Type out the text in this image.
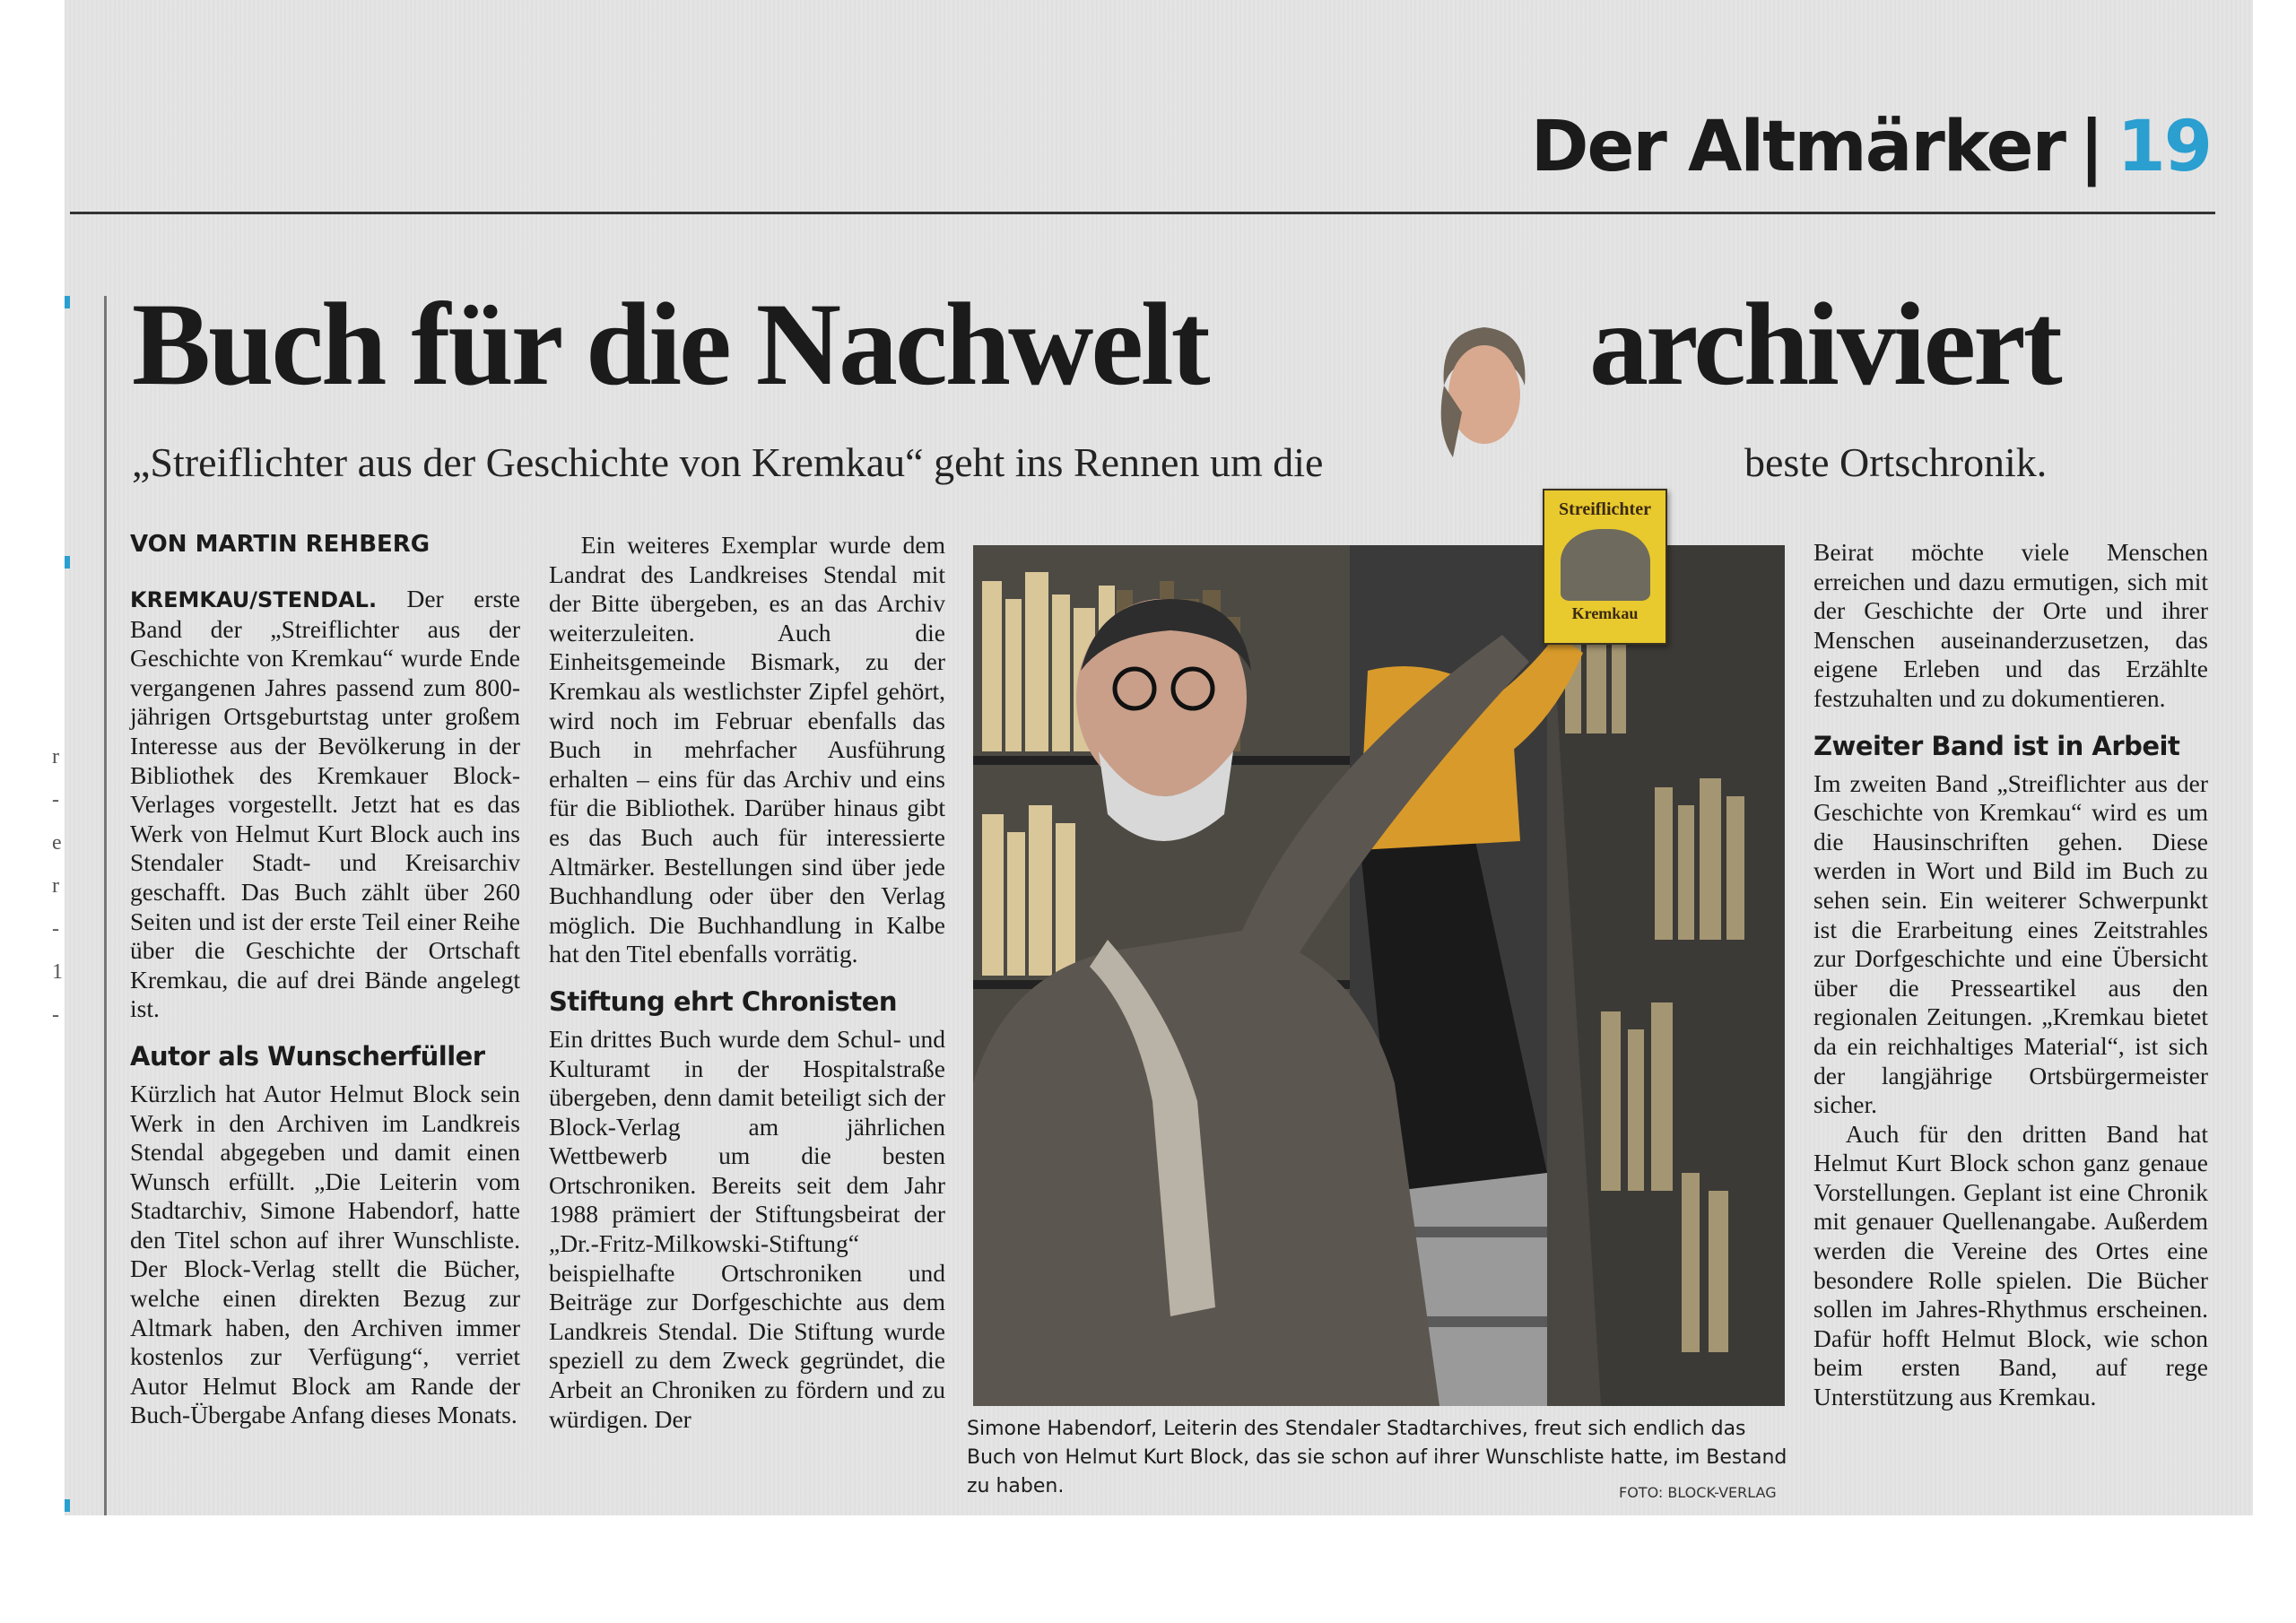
Der Altmärker | 19
r
-
e
r
-
1
-
Buch für die Nachwelt	archiviert
„Streiflichter aus der Geschichte von Kremkau“ geht ins Rennen um die	beste Ortschronik.
VON MARTIN REHBERG

KREMKAU/STENDAL. Der erste Band der „Streiflichter aus der Geschichte von Kremkau“ wurde Ende vergangenen Jahres passend zum 800-jährigen Ortsgeburtstag unter großem Interesse aus der Bevölkerung in der Bibliothek des Kremkauer Block-Verlages vorgestellt. Jetzt hat es das Werk von Helmut Kurt Block auch ins Stendaler Stadt- und Kreisarchiv geschafft. Das Buch zählt über 260 Seiten und ist der erste Teil einer Reihe über die Geschichte der Ortschaft Kremkau, die auf drei Bände angelegt ist.

Autor als Wunscherfüller

Kürzlich hat Autor Helmut Block sein Werk in den Archiven im Landkreis Stendal abgegeben und damit einen Wunsch erfüllt. „Die Leiterin vom Stadtarchiv, Simone Habendorf, hatte den Titel schon auf ihrer Wunschliste. Der Block-Verlag stellt die Bücher, welche einen direkten Bezug zur Altmark haben, den Archiven immer kostenlos zur Verfügung“, verriet Autor Helmut Block am Rande der Buch-Übergabe Anfang dieses Monats.

Ein weiteres Exemplar wurde dem Landrat des Landkreises Stendal mit der Bitte übergeben, es an das Archiv weiterzuleiten. Auch die Einheitsgemeinde Bismark, zu der Kremkau als westlichster Zipfel gehört, wird noch im Februar ebenfalls das Buch in mehrfacher Ausführung erhalten – eins für das Archiv und eins für die Bibliothek. Darüber hinaus gibt es das Buch auch für interessierte Altmärker. Bestellungen sind über jede Buchhandlung oder über den Verlag möglich. Die Buchhandlung in Kalbe hat den Titel ebenfalls vorrätig.

Stiftung ehrt Chronisten

Ein drittes Buch wurde dem Schul- und Kulturamt in der Hospitalstraße übergeben, denn damit beteiligt sich der Block-Verlag am jährlichen Wettbewerb um die besten Ortschroniken. Bereits seit dem Jahr 1988 prämiert der Stiftungsbeirat der „Dr.-Fritz-Milkowski-Stiftung“ beispielhafte Ortschroniken und Beiträge zur Dorfgeschichte aus dem Landkreis Stendal. Die Stiftung wurde speziell zu dem Zweck gegründet, die Arbeit an Chroniken zu fördern und zu würdigen. Der

Streiflichter
Kremkau
Simone Habendorf, Leiterin des Stendaler Stadtarchives, freut sich endlich das Buch von Helmut Kurt Block, das sie schon auf ihrer Wunschliste hatte, im Bestand zu haben.	FOTO: BLOCK-VERLAG

Beirat möchte viele Menschen erreichen und dazu ermutigen, sich mit der Geschichte der Orte und ihrer Menschen auseinanderzusetzen, das eigene Erleben und das Erzählte festzuhalten und zu dokumentieren.

Zweiter Band ist in Arbeit

Im zweiten Band „Streiflichter aus der Geschichte von Kremkau“ wird es um die Hausinschriften gehen. Diese werden in Wort und Bild im Buch zu sehen sein. Ein weiterer Schwerpunkt ist die Erarbeitung eines Zeitstrahles zur Dorfgeschichte und eine Übersicht über die Presseartikel aus den regionalen Zeitungen. „Kremkau bietet da ein reichhaltiges Material“, ist sich der langjährige Ortsbürgermeister sicher.

Auch für den dritten Band hat Helmut Kurt Block schon ganz genaue Vorstellungen. Geplant ist eine Chronik mit genauer Quellenangabe. Außerdem werden die Vereine des Ortes eine besondere Rolle spielen. Die Bücher sollen im Jahres-Rhythmus erscheinen. Dafür hofft Helmut Block, wie schon beim ersten Band, auf rege Unterstützung aus Kremkau.
